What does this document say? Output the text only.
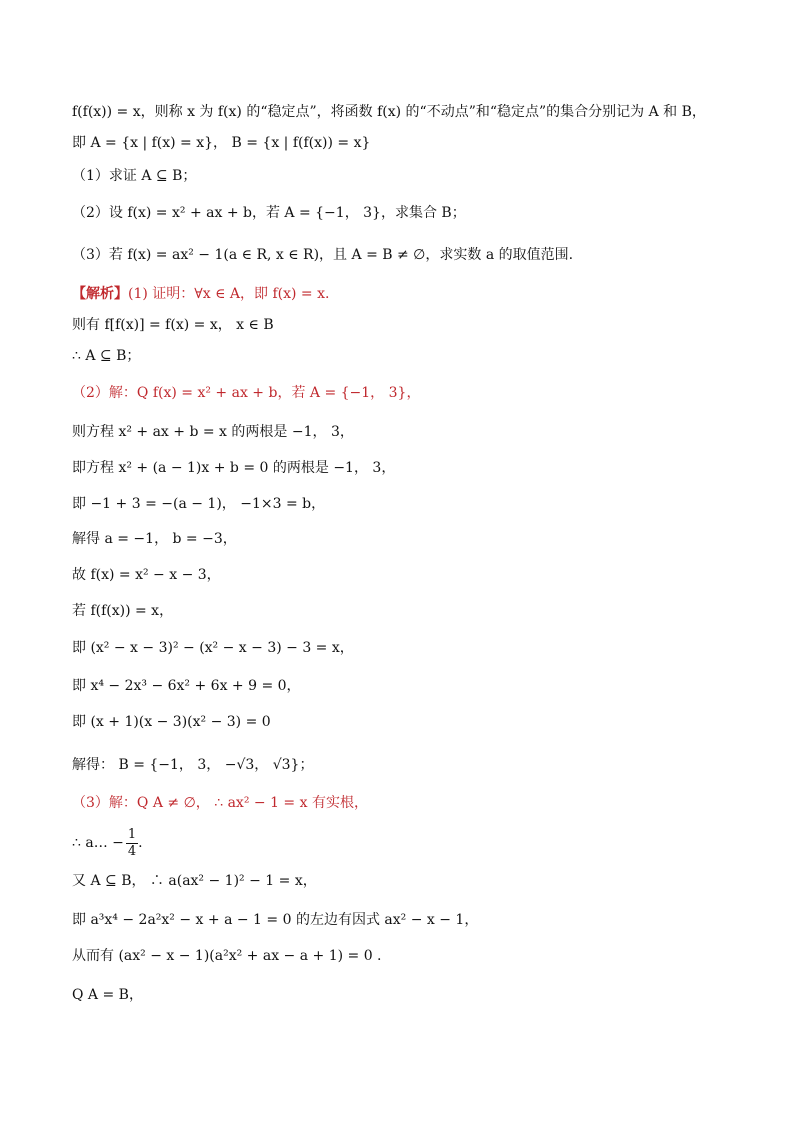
f(f(x)) = x，则称 x 为 f(x) 的“稳定点”，将函数 f(x) 的“不动点”和“稳定点”的集合分别记为 A 和 B，
即 A = {x | f(x) = x}， B = {x | f(f(x)) = x}
（1）求证 A ⊆ B；
（2）设 f(x) = x² + ax + b，若 A = {−1， 3}，求集合 B；
（3）若 f(x) = ax² − 1(a ∈ R, x ∈ R)，且 A = B ≠ ∅，求实数 a 的取值范围.
【解析】(1) 证明：∀x ∈ A，即 f(x) = x.
则有 f[f(x)] = f(x) = x， x ∈ B
∴ A ⊆ B；
（2）解：Q f(x) = x² + ax + b，若 A = {−1， 3}，
则方程 x² + ax + b = x 的两根是 −1， 3，
即方程 x² + (a − 1)x + b = 0 的两根是 −1， 3，
即 −1 + 3 = −(a − 1)， −1×3 = b，
解得 a = −1， b = −3，
故 f(x) = x² − x − 3，
若 f(f(x)) = x，
即 (x² − x − 3)² − (x² − x − 3) − 3 = x，
即 x⁴ − 2x³ − 6x² + 6x + 9 = 0，
即 (x + 1)(x − 3)(x² − 3) = 0
解得： B = {−1， 3， −√3， √3}；
（3）解：Q A ≠ ∅， ∴ ax² − 1 = x 有实根，
∴ a… − $\frac{1}{4}$ .
又 A ⊆ B， ∴ a(ax² − 1)² − 1 = x，
即 a³x⁴ − 2a²x² − x + a − 1 = 0 的左边有因式 ax² − x − 1，
从而有 (ax² − x − 1)(a²x² + ax − a + 1) = 0 .
Q A = B，
